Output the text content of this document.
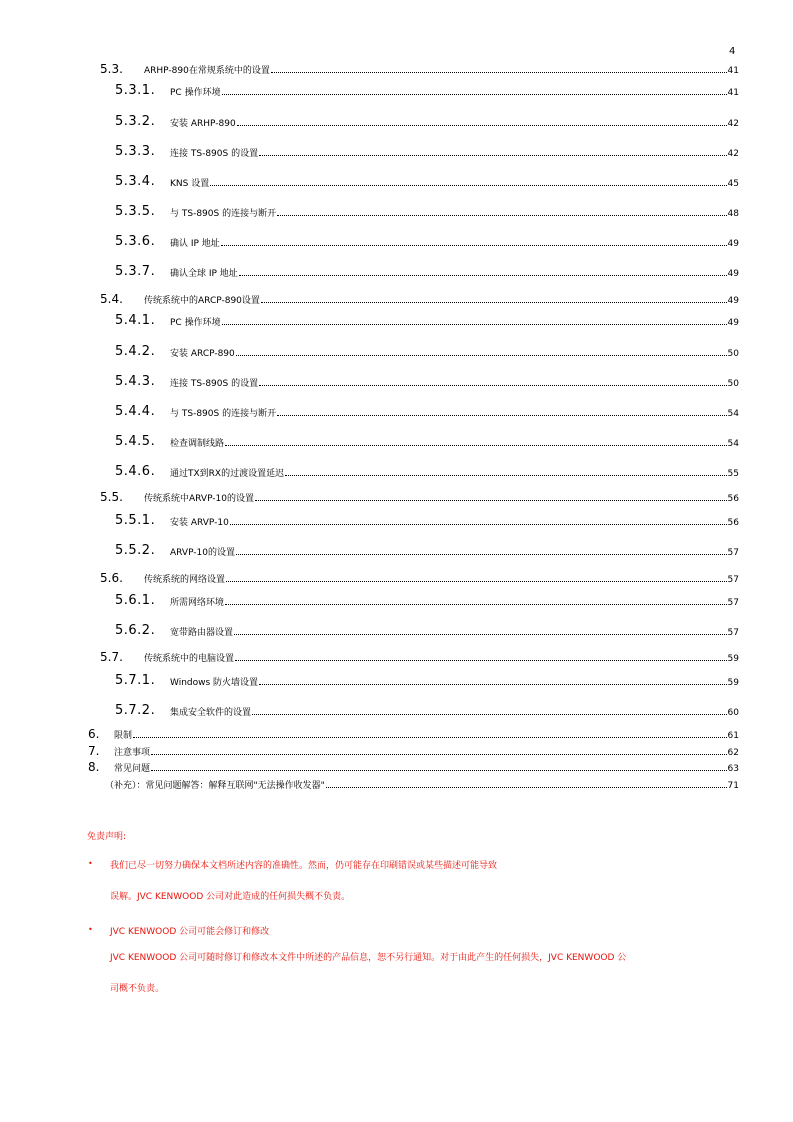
4
5.3.	ARHP-890在常规系统中的设置	41
5.3.1.	PC 操作环境	41
5.3.2.	安装 ARHP-890	42
5.3.3.	连接 TS-890S 的设置	42
5.3.4.	KNS 设置	45
5.3.5.	与 TS-890S 的连接与断开	48
5.3.6.	确认 IP 地址	49
5.3.7.	确认全球 IP 地址	49
5.4.	传统系统中的ARCP-890设置	49
5.4.1.	PC 操作环境	49
5.4.2.	安装 ARCP-890	50
5.4.3.	连接 TS-890S 的设置	50
5.4.4.	与 TS-890S 的连接与断开	54
5.4.5.	检查调制线路	54
5.4.6.	通过TX到RX的过渡设置延迟	55
5.5.	传统系统中ARVP-10的设置	56
5.5.1.	安装 ARVP-10	56
5.5.2.	ARVP-10的设置	57
5.6.	传统系统的网络设置	57
5.6.1.	所需网络环境	57
5.6.2.	宽带路由器设置	57
5.7.	传统系统中的电脑设置	59
5.7.1.	Windows 防火墙设置	59
5.7.2.	集成安全软件的设置	60
6.	限制	61
7.	注意事项	62
8.	常见问题	63
（补充）：常见问题解答：解释互联网"无法操作收发器"	71
免责声明:
• 我们已尽一切努力确保本文档所述内容的准确性。然而，仍可能存在印刷错误或某些描述可能导致
误解。JVC KENWOOD 公司对此造成的任何损失概不负责。
• JVC KENWOOD 公司可能会修订和修改
JVC KENWOOD 公司可随时修订和修改本文件中所述的产品信息，恕不另行通知。对于由此产生的任何损失，JVC KENWOOD 公
司概不负责。
